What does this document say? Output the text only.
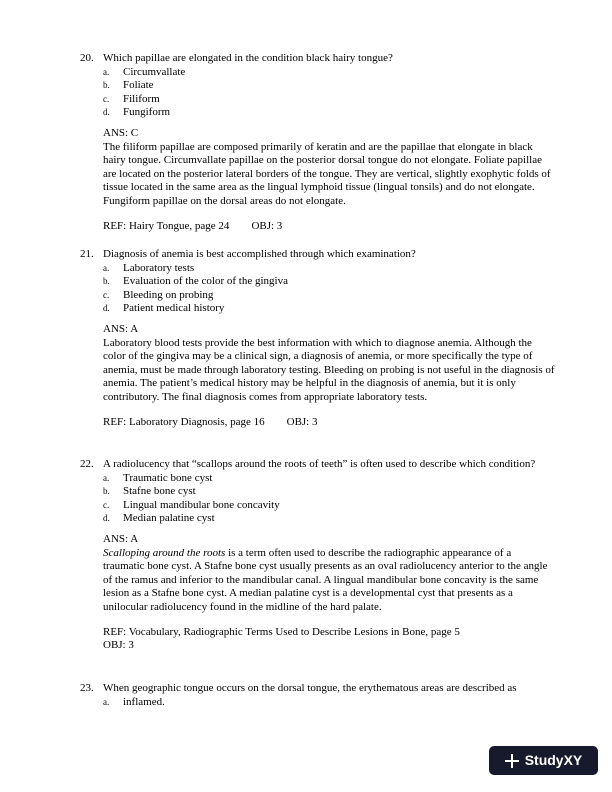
20. Which papillae are elongated in the condition black hairy tongue?
a.	Circumvallate
b.	Foliate
c.	Filiform
d.	Fungiform
ANS: C

The filiform papillae are composed primarily of keratin and are the papillae that elongate in black hairy tongue. Circumvallate papillae on the posterior dorsal tongue do not elongate. Foliate papillae are located on the posterior lateral borders of the tongue. They are vertical, slightly exophytic folds of tissue located in the same area as the lingual lymphoid tissue (lingual tonsils) and do not elongate. Fungiform papillae on the dorsal areas do not elongate.

REF: Hairy Tongue, page 24 OBJ: 3
21. Diagnosis of anemia is best accomplished through which examination?
a.	Laboratory tests
b.	Evaluation of the color of the gingiva
c.	Bleeding on probing
d.	Patient medical history
ANS: A

Laboratory blood tests provide the best information with which to diagnose anemia. Although the color of the gingiva may be a clinical sign, a diagnosis of anemia, or more specifically the type of anemia, must be made through laboratory testing. Bleeding on probing is not useful in the diagnosis of anemia. The patient’s medical history may be helpful in the diagnosis of anemia, but it is only contributory. The final diagnosis comes from appropriate laboratory tests.

REF: Laboratory Diagnosis, page 16 OBJ: 3
22. A radiolucency that “scallops around the roots of teeth” is often used to describe which condition?
a.	Traumatic bone cyst
b.	Stafne bone cyst
c.	Lingual mandibular bone concavity
d.	Median palatine cyst
ANS: A

Scalloping around the roots is a term often used to describe the radiographic appearance of a traumatic bone cyst. A Stafne bone cyst usually presents as an oval radiolucency anterior to the angle of the ramus and inferior to the mandibular canal. A lingual mandibular bone concavity is the same lesion as a Stafne bone cyst. A median palatine cyst is a developmental cyst that presents as a unilocular radiolucency found in the midline of the hard palate.

REF: Vocabulary, Radiographic Terms Used to Describe Lesions in Bone, page 5
OBJ: 3
23. When geographic tongue occurs on the dorsal tongue, the erythematous areas are described as
a.	inflamed.
StudyXY
